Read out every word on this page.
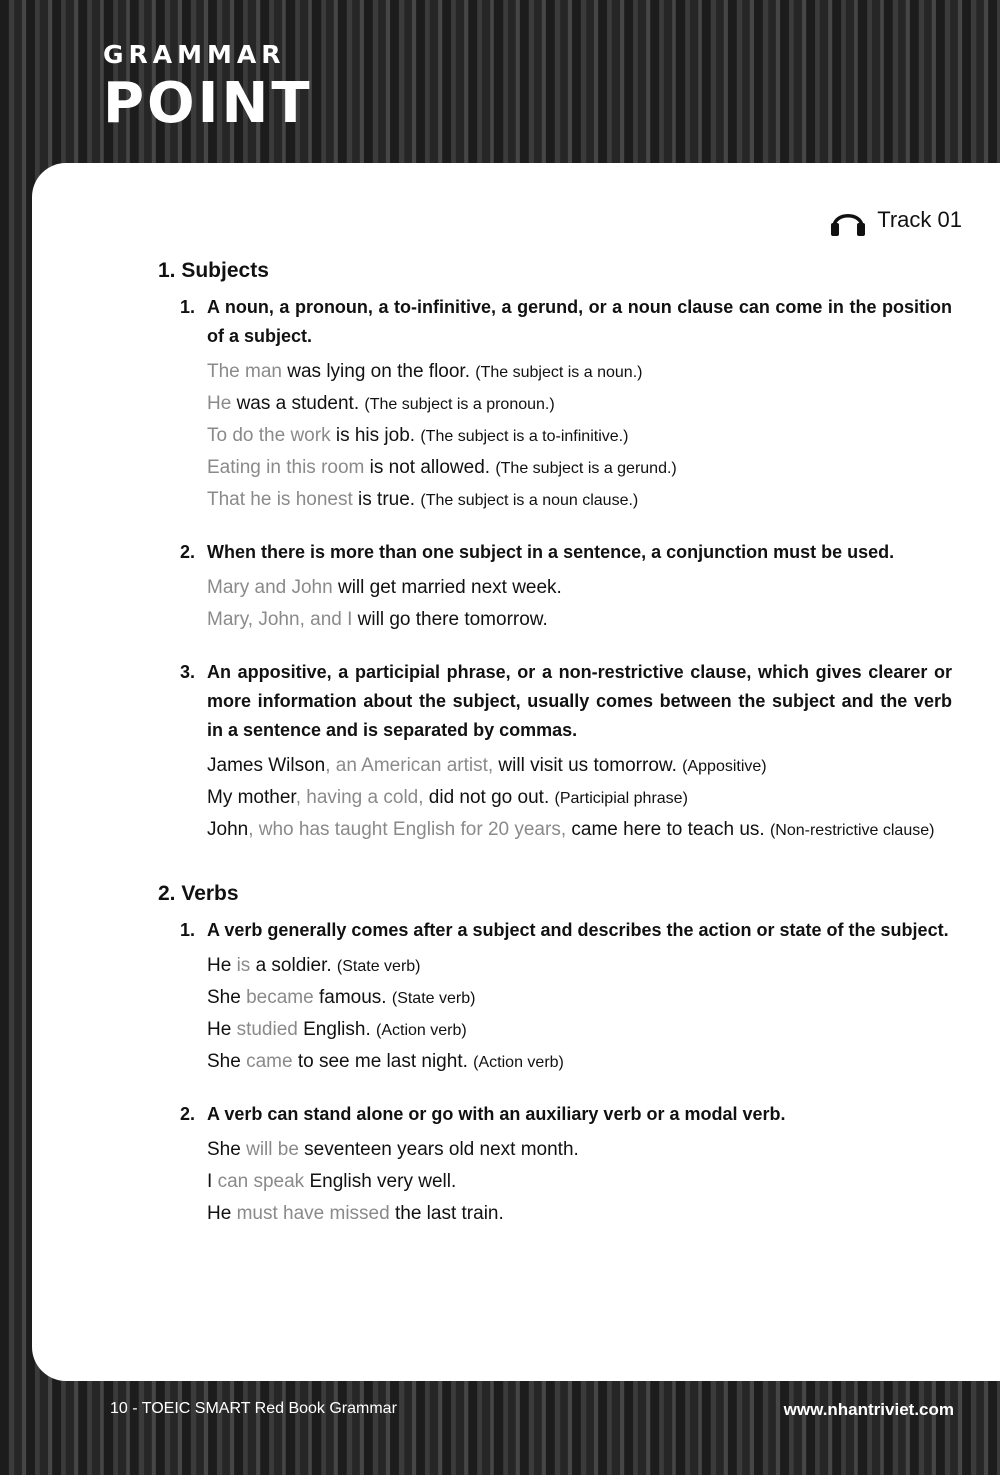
GRAMMAR
POINT
Track 01
1. Subjects
1. A noun, a pronoun, a to-infinitive, a gerund, or a noun clause can come in the position of a subject.
The man was lying on the floor. (The subject is a noun.)
He was a student. (The subject is a pronoun.)
To do the work is his job. (The subject is a to-infinitive.)
Eating in this room is not allowed. (The subject is a gerund.)
That he is honest is true. (The subject is a noun clause.)
2. When there is more than one subject in a sentence, a conjunction must be used.
Mary and John will get married next week.
Mary, John, and I will go there tomorrow.
3. An appositive, a participial phrase, or a non-restrictive clause, which gives clearer or more information about the subject, usually comes between the subject and the verb in a sentence and is separated by commas.
James Wilson, an American artist, will visit us tomorrow. (Appositive)
My mother, having a cold, did not go out. (Participial phrase)
John, who has taught English for 20 years, came here to teach us. (Non-restrictive clause)
2. Verbs
1. A verb generally comes after a subject and describes the action or state of the subject.
He is a soldier. (State verb)
She became famous. (State verb)
He studied English. (Action verb)
She came to see me last night. (Action verb)
2. A verb can stand alone or go with an auxiliary verb or a modal verb.
She will be seventeen years old next month.
I can speak English very well.
He must have missed the last train.
10 - TOEIC SMART Red Book Grammar	www.nhantriviet.com
